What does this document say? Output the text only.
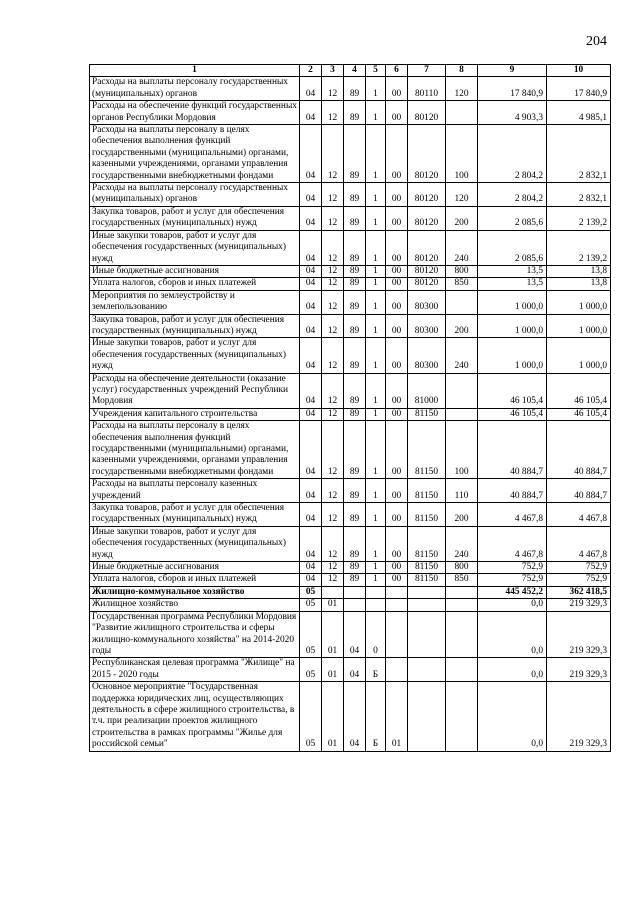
204
1	2	3	4	5	6	7	8	9	10
Расходы на выплаты персоналу государственных (муниципальных) органов	04	12	89	1	00	80110	120	17 840,9	17 840,9
Расходы на обеспечение функций государственных органов Республики Мордовия	04	12	89	1	00	80120		4 903,3	4 985,1
Расходы на выплаты персоналу в целях обеспечения выполнения функций государственными (муниципальными) органами, казенными учреждениями, органами управления государственными внебюджетными фондами	04	12	89	1	00	80120	100	2 804,2	2 832,1
Расходы на выплаты персоналу государственных (муниципальных) органов	04	12	89	1	00	80120	120	2 804,2	2 832,1
Закупка товаров, работ и услуг для обеспечения государственных (муниципальных) нужд	04	12	89	1	00	80120	200	2 085,6	2 139,2
Иные закупки товаров, работ и услуг для обеспечения государственных (муниципальных) нужд	04	12	89	1	00	80120	240	2 085,6	2 139,2
Иные бюджетные ассигнования	04	12	89	1	00	80120	800	13,5	13,8
Уплата налогов, сборов и иных платежей	04	12	89	1	00	80120	850	13,5	13,8
Мероприятия по землеустройству и землепользованию	04	12	89	1	00	80300		1 000,0	1 000,0
Закупка товаров, работ и услуг для обеспечения государственных (муниципальных) нужд	04	12	89	1	00	80300	200	1 000,0	1 000,0
Иные закупки товаров, работ и услуг для обеспечения государственных (муниципальных) нужд	04	12	89	1	00	80300	240	1 000,0	1 000,0
Расходы на обеспечение деятельности (оказание услуг) государственных учреждений Республики Мордовия	04	12	89	1	00	81000		46 105,4	46 105,4
Учреждения капитального строительства	04	12	89	1	00	81150		46 105,4	46 105,4
Расходы на выплаты персоналу в целях обеспечения выполнения функций государственными (муниципальными) органами, казенными учреждениями, органами управления государственными внебюджетными фондами	04	12	89	1	00	81150	100	40 884,7	40 884,7
Расходы на выплаты персоналу казенных учреждений	04	12	89	1	00	81150	110	40 884,7	40 884,7
Закупка товаров, работ и услуг для обеспечения государственных (муниципальных) нужд	04	12	89	1	00	81150	200	4 467,8	4 467,8
Иные закупки товаров, работ и услуг для обеспечения государственных (муниципальных) нужд	04	12	89	1	00	81150	240	4 467,8	4 467,8
Иные бюджетные ассигнования	04	12	89	1	00	81150	800	752,9	752,9
Уплата налогов, сборов и иных платежей	04	12	89	1	00	81150	850	752,9	752,9
Жилищно-коммунальное хозяйство	05							445 452,2	362 418,5
Жилищное хозяйство	05	01						0,0	219 329,3
Государственная программа Республики Мордовия "Развитие жилищного строительства и сферы жилищно-коммунального хозяйства" на 2014-2020 годы	05	01	04	0				0,0	219 329,3
Республиканская целевая программа "Жилище" на 2015 - 2020 годы	05	01	04	Б				0,0	219 329,3
Основное мероприятие "Государственная поддержка юридических лиц, осуществляющих деятельность в сфере жилищного строительства, в т.ч. при реализации проектов жилищного строительства в рамках программы "Жилье для российской семьи"	05	01	04	Б	01			0,0	219 329,3
